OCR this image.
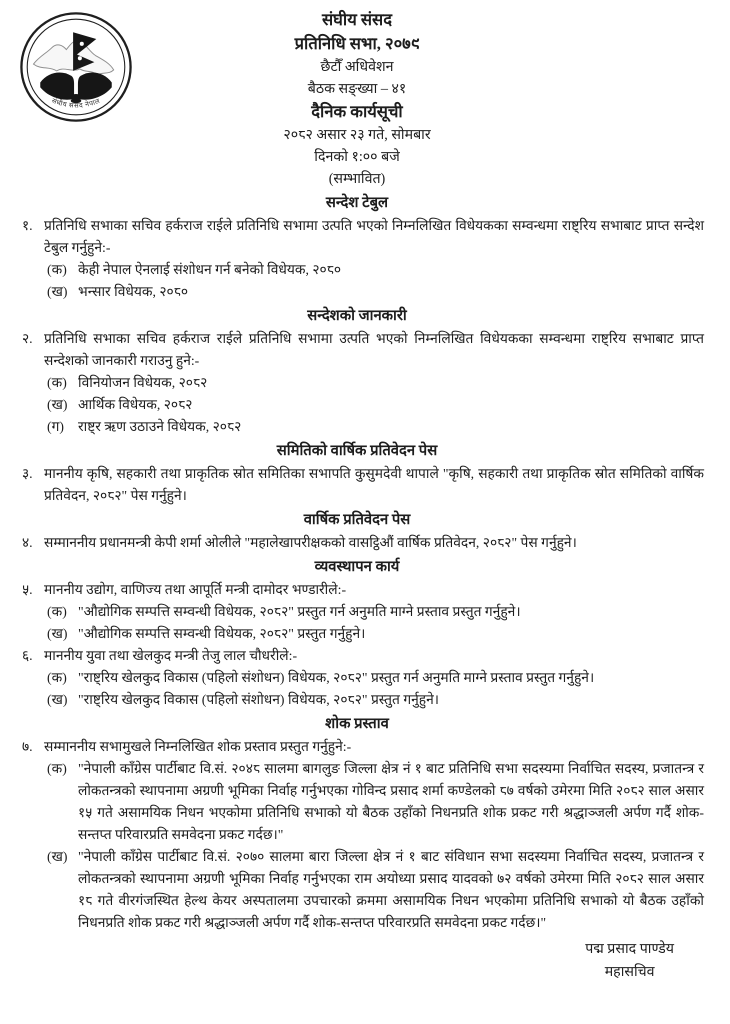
संघीय संसद नेपाल
संघीय संसद
प्रतिनिधि सभा, २०७९
छैटौँ अधिवेशन
बैठक सङ्ख्या – ४१
दैनिक कार्यसूची
२०८२ असार २३ गते, सोमबार
दिनको १:०० बजे
(सम्भावित)
सन्देश टेबुल
१. प्रतिनिधि सभाका सचिव हर्कराज राईले प्रतिनिधि सभामा उत्पति भएको निम्नलिखित विधेयकका सम्वन्धमा राष्ट्रिय सभाबाट प्राप्त सन्देश टेबुल गर्नुहुने:-
(क) केही नेपाल ऐनलाई संशोधन गर्न बनेको विधेयक, २०८०
(ख) भन्सार विधेयक, २०८०
सन्देशको जानकारी
२. प्रतिनिधि सभाका सचिव हर्कराज राईले प्रतिनिधि सभामा उत्पति भएको निम्नलिखित विधेयकका सम्वन्धमा राष्ट्रिय सभाबाट प्राप्त सन्देशको जानकारी गराउनु हुने:-
(क) विनियोजन विधेयक, २०८२
(ख) आर्थिक विधेयक, २०८२
(ग)	राष्ट्र ऋण उठाउने विधेयक, २०८२
समितिको वार्षिक प्रतिवेदन पेस
३. माननीय कृषि, सहकारी तथा प्राकृतिक स्रोत समितिका सभापति कुसुमदेवी थापाले "कृषि, सहकारी तथा प्राकृतिक स्रोत समितिको वार्षिक प्रतिवेदन, २०८२" पेस गर्नुहुने।
वार्षिक प्रतिवेदन पेस
४. सम्माननीय प्रधानमन्त्री केपी शर्मा ओलीले "महालेखापरीक्षकको वासट्ठिऔं वार्षिक प्रतिवेदन, २०८२" पेस गर्नुहुने।
व्यवस्थापन कार्य
५. माननीय उद्योग, वाणिज्य तथा आपूर्ति मन्त्री दामोदर भण्डारीले:-
(क) "औद्योगिक सम्पत्ति सम्वन्धी विधेयक, २०८२" प्रस्तुत गर्न अनुमति माग्ने प्रस्ताव प्रस्तुत गर्नुहुने।
(ख) "औद्योगिक सम्पत्ति सम्वन्धी विधेयक, २०८२" प्रस्तुत गर्नुहुने।
६. माननीय युवा तथा खेलकुद मन्त्री तेजु लाल चौधरीले:-
(क) "राष्ट्रिय खेलकुद विकास (पहिलो संशोधन) विधेयक, २०८२" प्रस्तुत गर्न अनुमति माग्ने प्रस्ताव प्रस्तुत गर्नुहुने।
(ख) "राष्ट्रिय खेलकुद विकास (पहिलो संशोधन) विधेयक, २०८२" प्रस्तुत गर्नुहुने।
शोक प्रस्ताव
७. सम्माननीय सभामुखले निम्नलिखित शोक प्रस्ताव प्रस्तुत गर्नुहुने:-
(क) "नेपाली काँग्रेस पार्टीबाट वि.सं. २०४८ सालमा बागलुङ जिल्ला क्षेत्र नं १ बाट प्रतिनिधि सभा सदस्यमा निर्वाचित सदस्य, प्रजातन्त्र र लोकतन्त्रको स्थापनामा अग्रणी भूमिका निर्वाह गर्नुभएका गोविन्द प्रसाद शर्मा कण्डेलको ८७ वर्षको उमेरमा मिति २०८२ साल असार १५ गते असामयिक निधन भएकोमा प्रतिनिधि सभाको यो बैठक उहाँको निधनप्रति शोक प्रकट गरी श्रद्धाञ्जली अर्पण गर्दै शोक-सन्तप्त परिवारप्रति समवेदना प्रकट गर्दछ।"
(ख) "नेपाली काँग्रेस पार्टीबाट वि.सं. २०७० सालमा बारा जिल्ला क्षेत्र नं १ बाट संविधान सभा सदस्यमा निर्वाचित सदस्य, प्रजातन्त्र र लोकतन्त्रको स्थापनामा अग्रणी भूमिका निर्वाह गर्नुभएका राम अयोध्या प्रसाद यादवको ७२ वर्षको उमेरमा मिति २०८२ साल असार १८ गते वीरगंजस्थित हेल्थ केयर अस्पतालमा उपचारको क्रममा असामयिक निधन भएकोमा प्रतिनिधि सभाको यो बैठक उहाँको निधनप्रति शोक प्रकट गरी श्रद्धाञ्जली अर्पण गर्दै शोक-सन्तप्त परिवारप्रति समवेदना प्रकट गर्दछ।"
पद्म प्रसाद पाण्डेय
महासचिव
